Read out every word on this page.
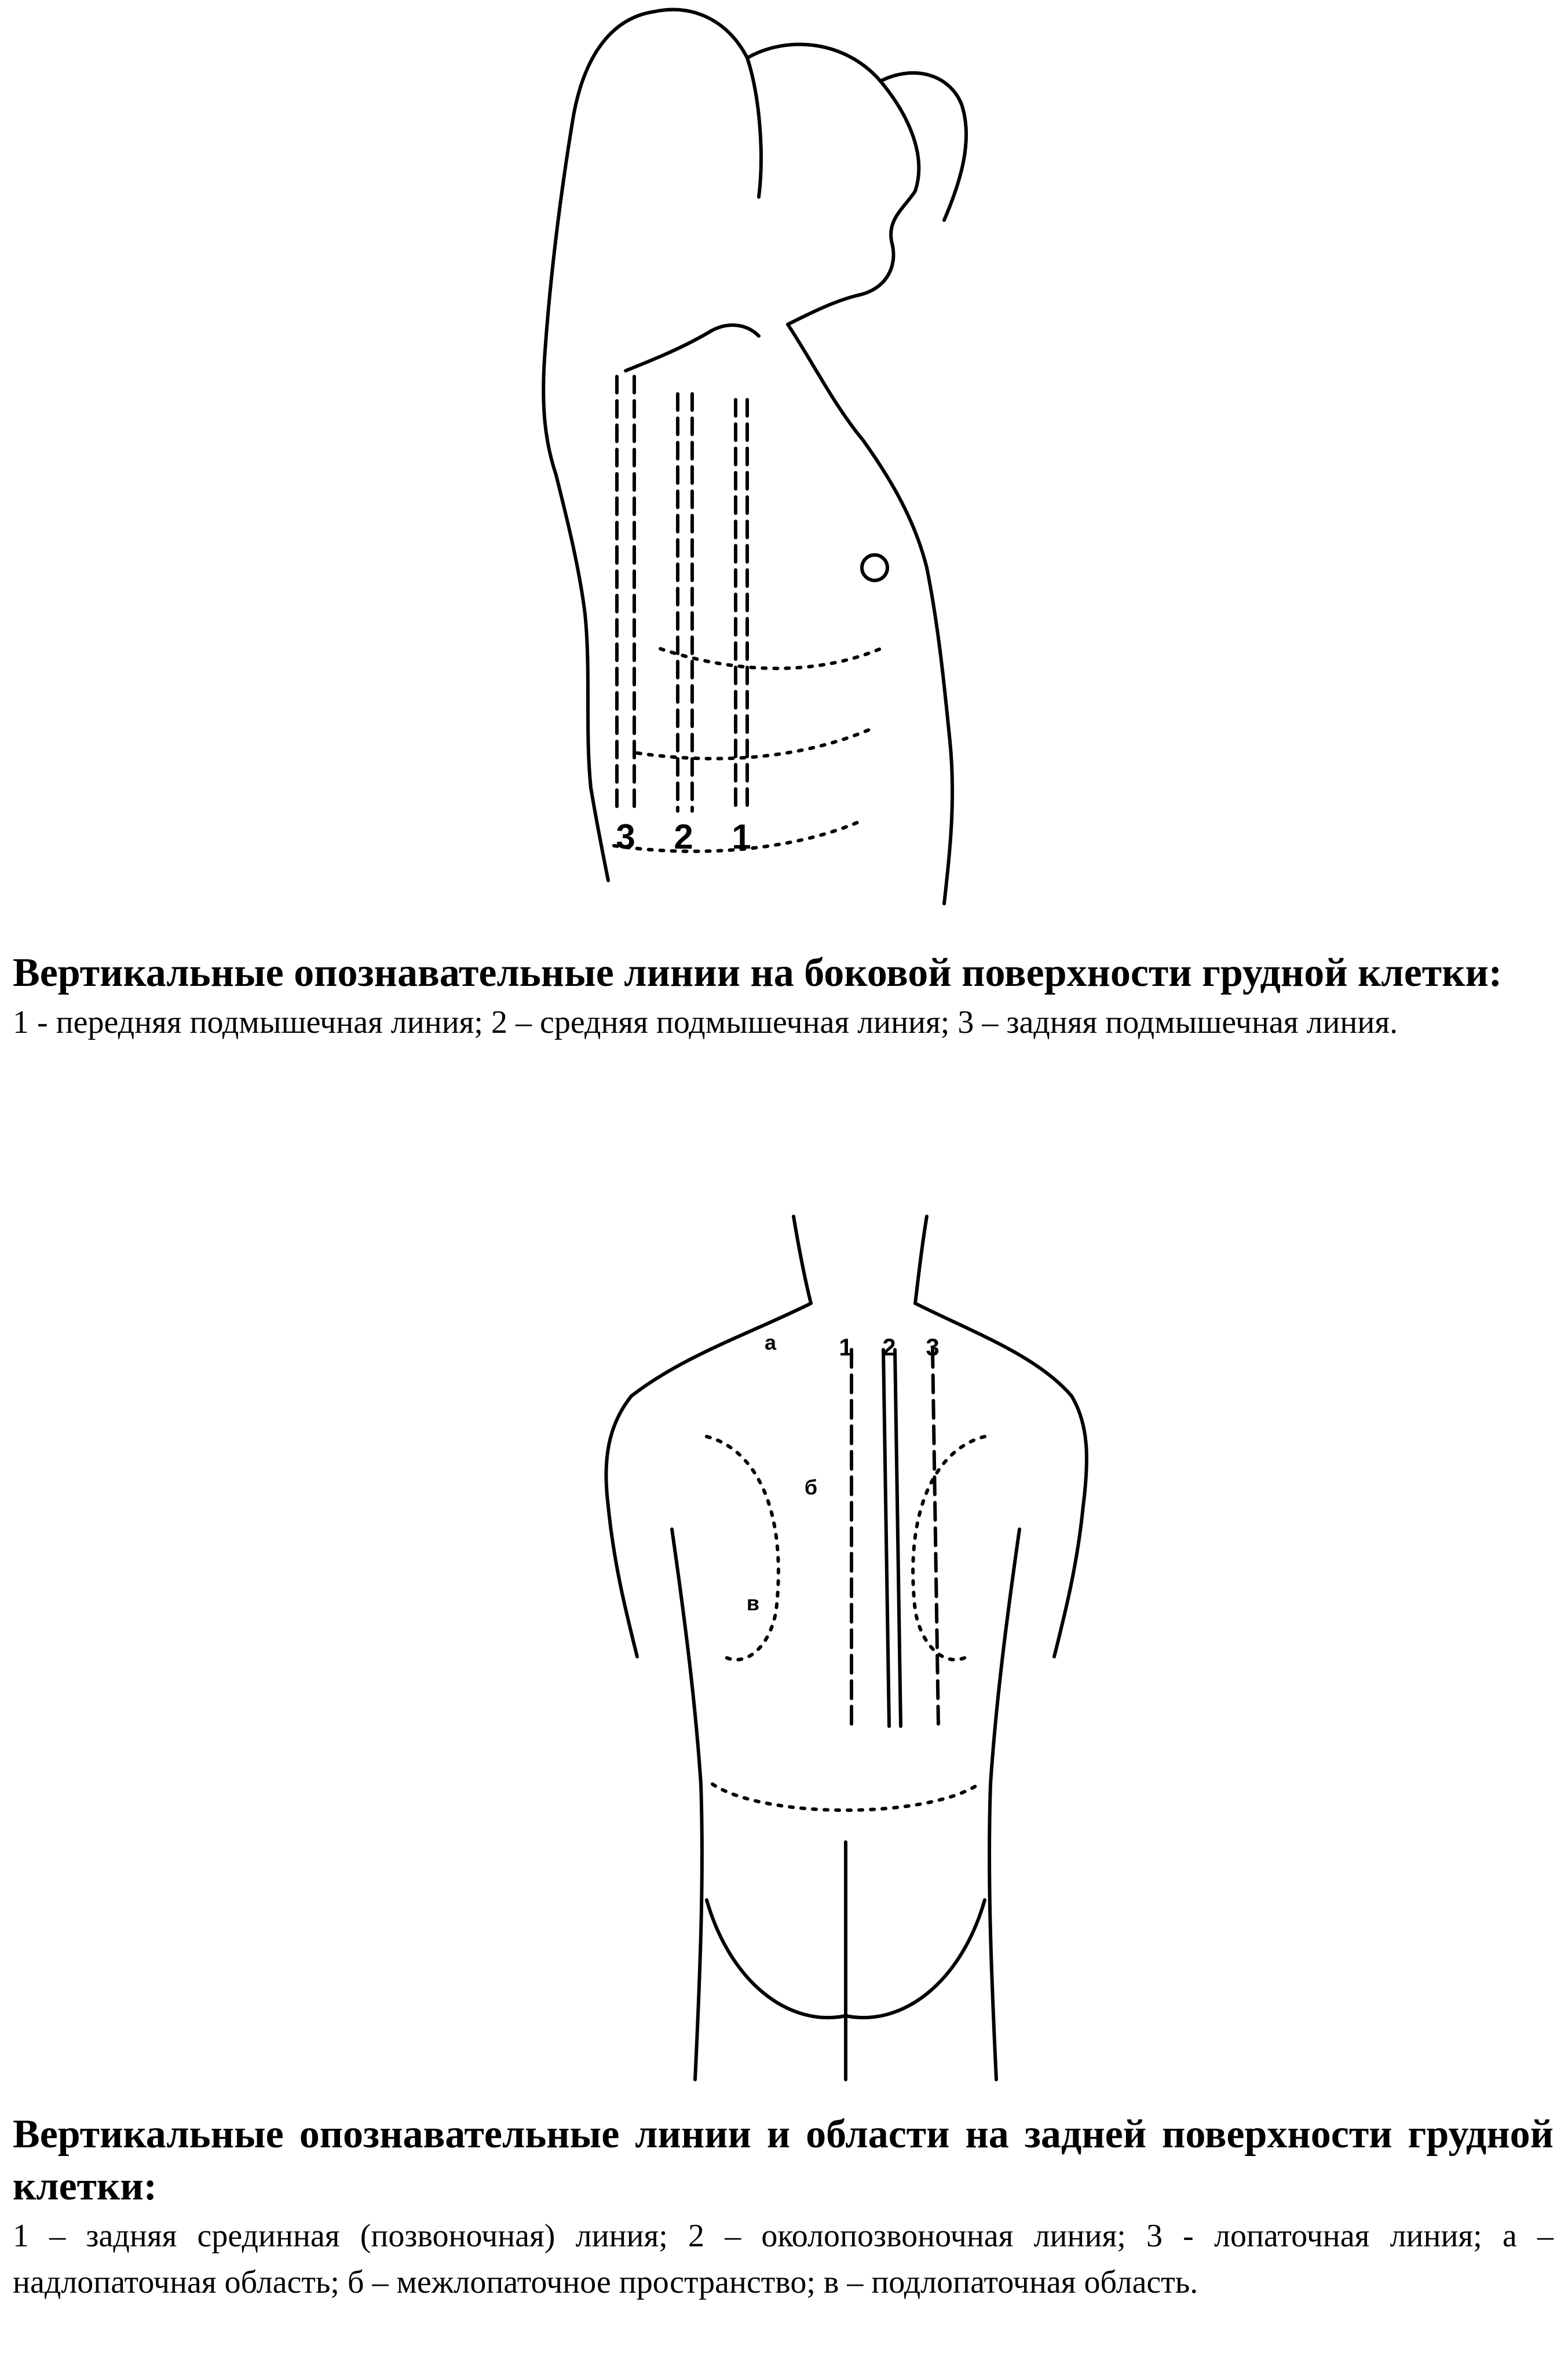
3 2 1

Вертикальные опознавательные линии на боковой поверхности грудной клетки:

1 - передняя подмышечная линия; 2 – средняя подмышечная линия; 3 – задняя подмышечная линия.

1 2 3
а
б
в

Вертикальные опознавательные линии и области на задней поверхности грудной клетки:

1 – задняя срединная (позвоночная) линия; 2 – околопозвоночная линия; 3 - лопаточная линия; а – надлопаточная область; б – межлопаточное пространство; в – подлопаточная область.
